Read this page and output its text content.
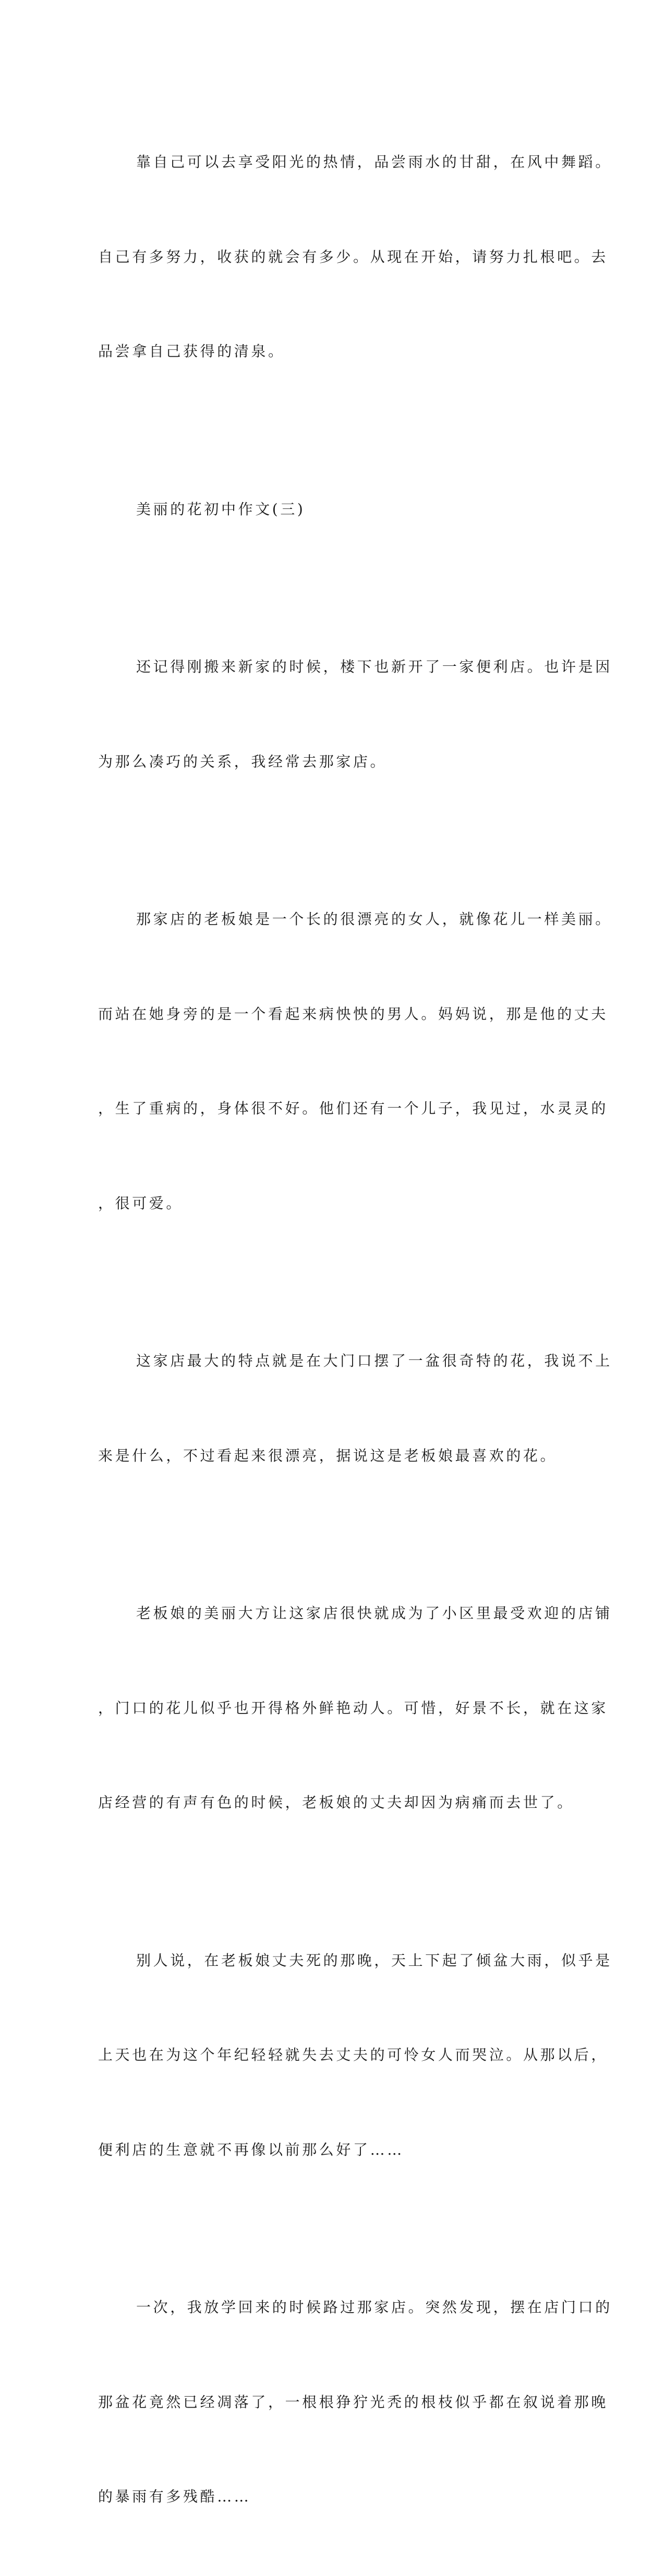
靠自己可以去享受阳光的热情，品尝雨水的甘甜，在风中舞蹈。

自己有多努力，收获的就会有多少。从现在开始，请努力扎根吧。去

品尝拿自己获得的清泉。

美丽的花初中作文(三)

还记得刚搬来新家的时候，楼下也新开了一家便利店。也许是因

为那么凑巧的关系，我经常去那家店。

那家店的老板娘是一个长的很漂亮的女人，就像花儿一样美丽。

而站在她身旁的是一个看起来病怏怏的男人。妈妈说，那是他的丈夫

，生了重病的，身体很不好。他们还有一个儿子，我见过，水灵灵的

，很可爱。

这家店最大的特点就是在大门口摆了一盆很奇特的花，我说不上

来是什么，不过看起来很漂亮，据说这是老板娘最喜欢的花。

老板娘的美丽大方让这家店很快就成为了小区里最受欢迎的店铺

，门口的花儿似乎也开得格外鲜艳动人。可惜，好景不长，就在这家

店经营的有声有色的时候，老板娘的丈夫却因为病痛而去世了。

别人说，在老板娘丈夫死的那晚，天上下起了倾盆大雨，似乎是

上天也在为这个年纪轻轻就失去丈夫的可怜女人而哭泣。从那以后，

便利店的生意就不再像以前那么好了……

一次，我放学回来的时候路过那家店。突然发现，摆在店门口的

那盆花竟然已经凋落了，一根根狰狞光秃的根枝似乎都在叙说着那晚

的暴雨有多残酷……
